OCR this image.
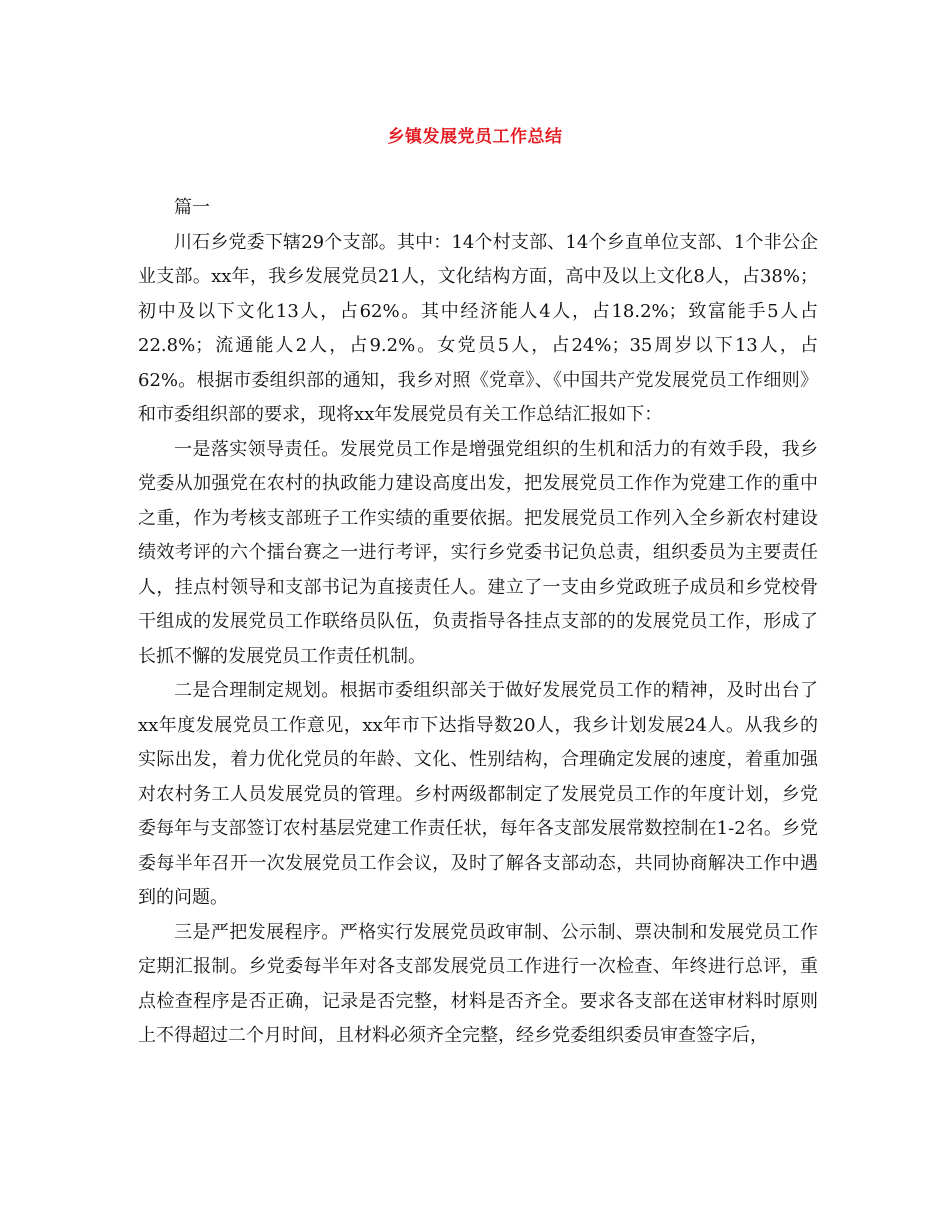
乡镇发展党员工作总结

篇一

川石乡党委下辖29个支部。其中：14个村支部、14个乡直单位支部、1个非公企业支部。xx年，我乡发展党员21人，文化结构方面，高中及以上文化8人，占38%；初中及以下文化13人，占62%。其中经济能人4人，占18.2%；致富能手5人占22.8%；流通能人2人，占9.2%。女党员5人，占24%；35周岁以下13人，占62%。根据市委组织部的通知，我乡对照《党章》、《中国共产党发展党员工作细则》和市委组织部的要求，现将xx年发展党员有关工作总结汇报如下：

一是落实领导责任。发展党员工作是增强党组织的生机和活力的有效手段，我乡党委从加强党在农村的执政能力建设高度出发，把发展党员工作作为党建工作的重中之重，作为考核支部班子工作实绩的重要依据。把发展党员工作列入全乡新农村建设绩效考评的六个擂台赛之一进行考评，实行乡党委书记负总责，组织委员为主要责任人，挂点村领导和支部书记为直接责任人。建立了一支由乡党政班子成员和乡党校骨干组成的发展党员工作联络员队伍，负责指导各挂点支部的的发展党员工作，形成了长抓不懈的发展党员工作责任机制。

二是合理制定规划。根据市委组织部关于做好发展党员工作的精神，及时出台了xx年度发展党员工作意见，xx年市下达指导数20人，我乡计划发展24人。从我乡的实际出发，着力优化党员的年龄、文化、性别结构，合理确定发展的速度，着重加强对农村务工人员发展党员的管理。乡村两级都制定了发展党员工作的年度计划，乡党委每年与支部签订农村基层党建工作责任状，每年各支部发展常数控制在1-2名。乡党委每半年召开一次发展党员工作会议，及时了解各支部动态，共同协商解决工作中遇到的问题。

三是严把发展程序。严格实行发展党员政审制、公示制、票决制和发展党员工作定期汇报制。乡党委每半年对各支部发展党员工作进行一次检查、年终进行总评，重点检查程序是否正确，记录是否完整，材料是否齐全。要求各支部在送审材料时原则上不得超过二个月时间，且材料必须齐全完整，经乡党委组织委员审查签字后，
